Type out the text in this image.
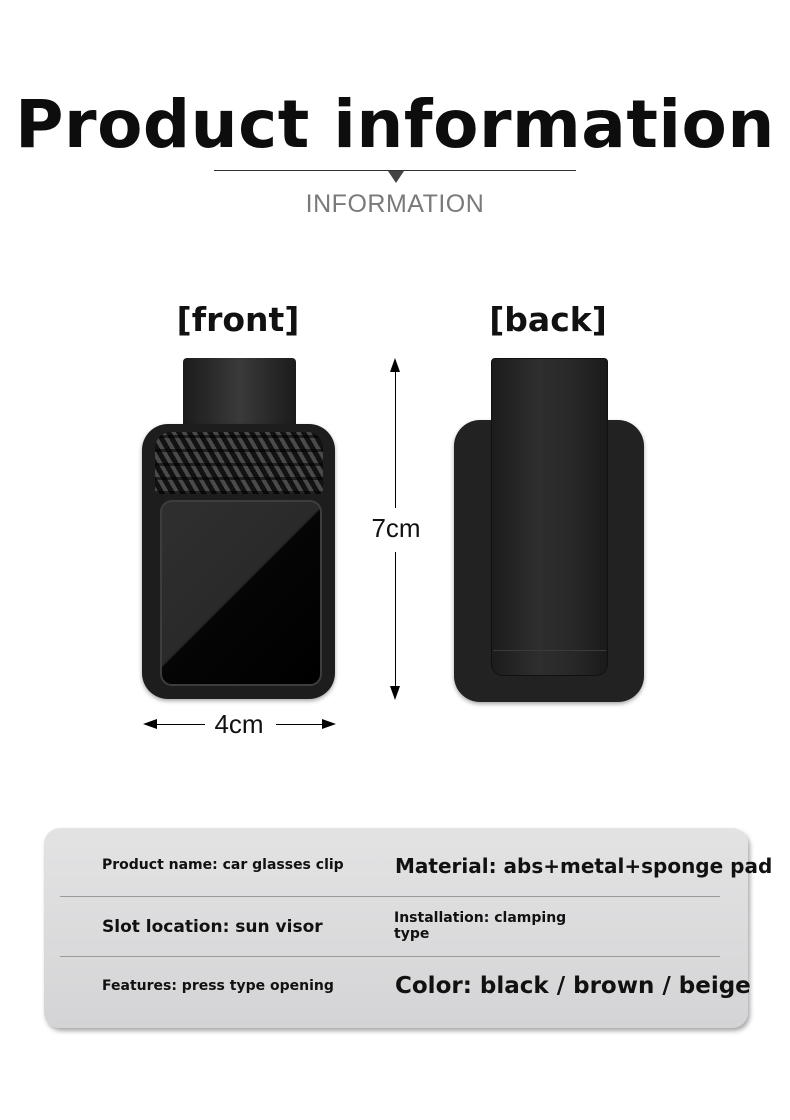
Product information
INFORMATION
[front]	[back]
7cm
4cm
Product name: car glasses clip	Material: abs+metal+sponge pad
Slot location: sun visor	Installation: clamping
type
Features: press type opening	Color: black / brown / beige
